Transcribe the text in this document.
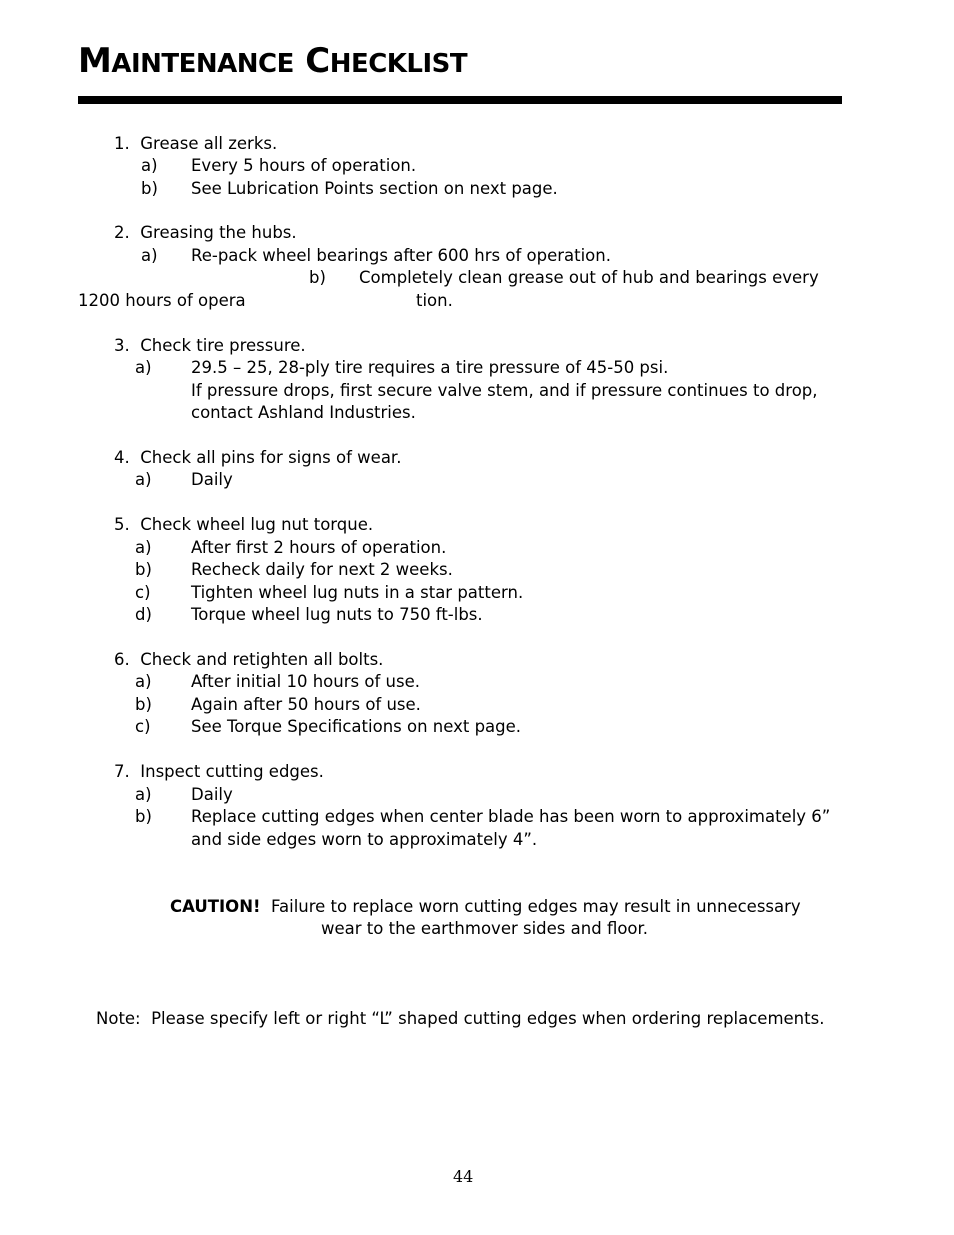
MAINTENANCE CHECKLIST
1. Grease all zerks.
a) Every 5 hours of operation.
b) See Lubrication Points section on next page.
2. Greasing the hubs.
a) Re-pack wheel bearings after 600 hrs of operation.
b) Completely clean grease out of hub and bearings every
1200 hours of opera	tion.
3. Check tire pressure.
a) 29.5 – 25, 28-ply tire requires a tire pressure of 45-50 psi.
If pressure drops, first secure valve stem, and if pressure continues to drop,
contact Ashland Industries.
4. Check all pins for signs of wear.
a) Daily
5. Check wheel lug nut torque.
a) After first 2 hours of operation.
b) Recheck daily for next 2 weeks.
c) Tighten wheel lug nuts in a star pattern.
d) Torque wheel lug nuts to 750 ft-lbs.
6. Check and retighten all bolts.
a) After initial 10 hours of use.
b) Again after 50 hours of use.
c) See Torque Specifications on next page.
7. Inspect cutting edges.
a) Daily
b) Replace cutting edges when center blade has been worn to approximately 6”
and side edges worn to approximately 4”.
CAUTION! Failure to replace worn cutting edges may result in unnecessary
wear to the earthmover sides and floor.
Note:  Please specify left or right “L” shaped cutting edges when ordering replacements.
44
